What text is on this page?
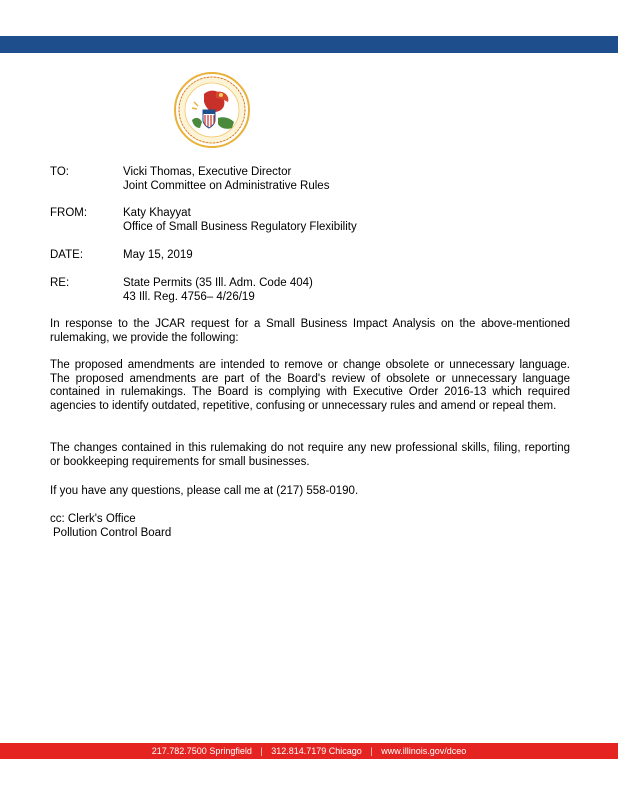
TO:	Vicki Thomas, Executive Director
Joint Committee on Administrative Rules
FROM:	Katy Khayyat
Office of Small Business Regulatory Flexibility
DATE:	May 15, 2019
RE:	State Permits (35 Ill. Adm. Code 404)
43 Ill. Reg. 4756– 4/26/19
In response to the JCAR request for a Small Business Impact Analysis on the above-mentioned rulemaking, we provide the following:
The proposed amendments are intended to remove or change obsolete or unnecessary language. The proposed amendments are part of the Board's review of obsolete or unnecessary language contained in rulemakings. The Board is complying with Executive Order 2016-13 which required agencies to identify outdated, repetitive, confusing or unnecessary rules and amend or repeal them.
The changes contained in this rulemaking do not require any new professional skills, filing, reporting or bookkeeping requirements for small businesses.
If you have any questions, please call me at (217) 558-0190.
cc: Clerk's Office
Pollution Control Board
217.782.7500 Springfield | 312.814.7179 Chicago | www.illinois.gov/dceo
